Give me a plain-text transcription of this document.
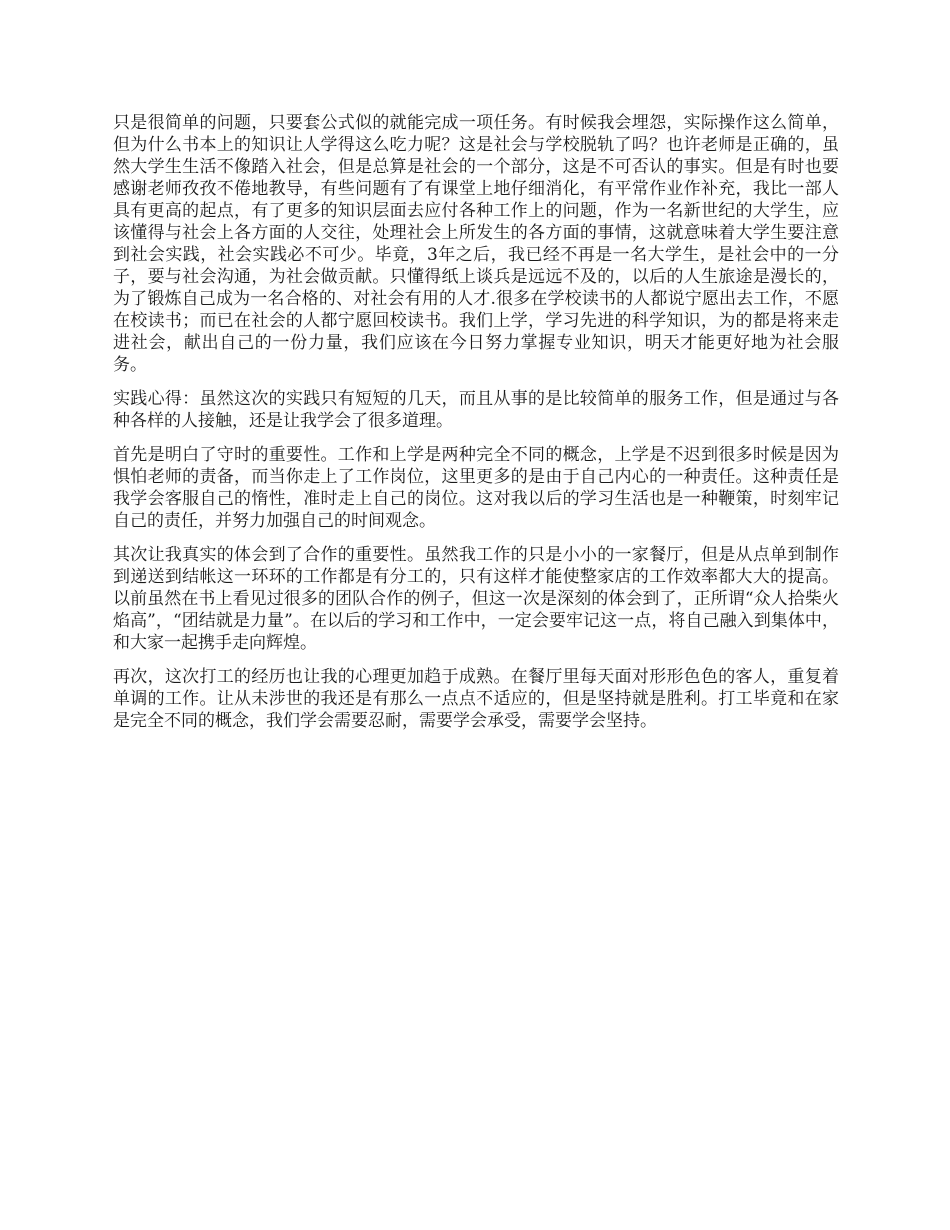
只是很简单的问题，只要套公式似的就能完成一项任务。有时候我会埋怨，实际操作这么简单，但为什么书本上的知识让人学得这么吃力呢？这是社会与学校脱轨了吗？也许老师是正确的，虽然大学生生活不像踏入社会，但是总算是社会的一个部分，这是不可否认的事实。但是有时也要感谢老师孜孜不倦地教导，有些问题有了有课堂上地仔细消化，有平常作业作补充，我比一部人具有更高的起点，有了更多的知识层面去应付各种工作上的问题，作为一名新世纪的大学生，应该懂得与社会上各方面的人交往，处理社会上所发生的各方面的事情，这就意味着大学生要注意到社会实践，社会实践必不可少。毕竟，3年之后，我已经不再是一名大学生，是社会中的一分子，要与社会沟通，为社会做贡献。只懂得纸上谈兵是远远不及的，以后的人生旅途是漫长的，为了锻炼自己成为一名合格的、对社会有用的人才.很多在学校读书的人都说宁愿出去工作，不愿在校读书；而已在社会的人都宁愿回校读书。我们上学，学习先进的科学知识，为的都是将来走进社会，献出自己的一份力量，我们应该在今日努力掌握专业知识，明天才能更好地为社会服务。

实践心得：虽然这次的实践只有短短的几天，而且从事的是比较简单的服务工作，但是通过与各种各样的人接触，还是让我学会了很多道理。

首先是明白了守时的重要性。工作和上学是两种完全不同的概念，上学是不迟到很多时候是因为惧怕老师的责备，而当你走上了工作岗位，这里更多的是由于自己内心的一种责任。这种责任是我学会客服自己的惰性，准时走上自己的岗位。这对我以后的学习生活也是一种鞭策，时刻牢记自己的责任，并努力加强自己的时间观念。

其次让我真实的体会到了合作的重要性。虽然我工作的只是小小的一家餐厅，但是从点单到制作到递送到结帐这一环环的工作都是有分工的，只有这样才能使整家店的工作效率都大大的提高。以前虽然在书上看见过很多的团队合作的例子，但这一次是深刻的体会到了，正所谓“众人拾柴火焰高”，“团结就是力量”。在以后的学习和工作中，一定会要牢记这一点，将自己融入到集体中，和大家一起携手走向辉煌。

再次，这次打工的经历也让我的心理更加趋于成熟。在餐厅里每天面对形形色色的客人，重复着单调的工作。让从未涉世的我还是有那么一点点不适应的，但是坚持就是胜利。打工毕竟和在家是完全不同的概念，我们学会需要忍耐，需要学会承受，需要学会坚持。
